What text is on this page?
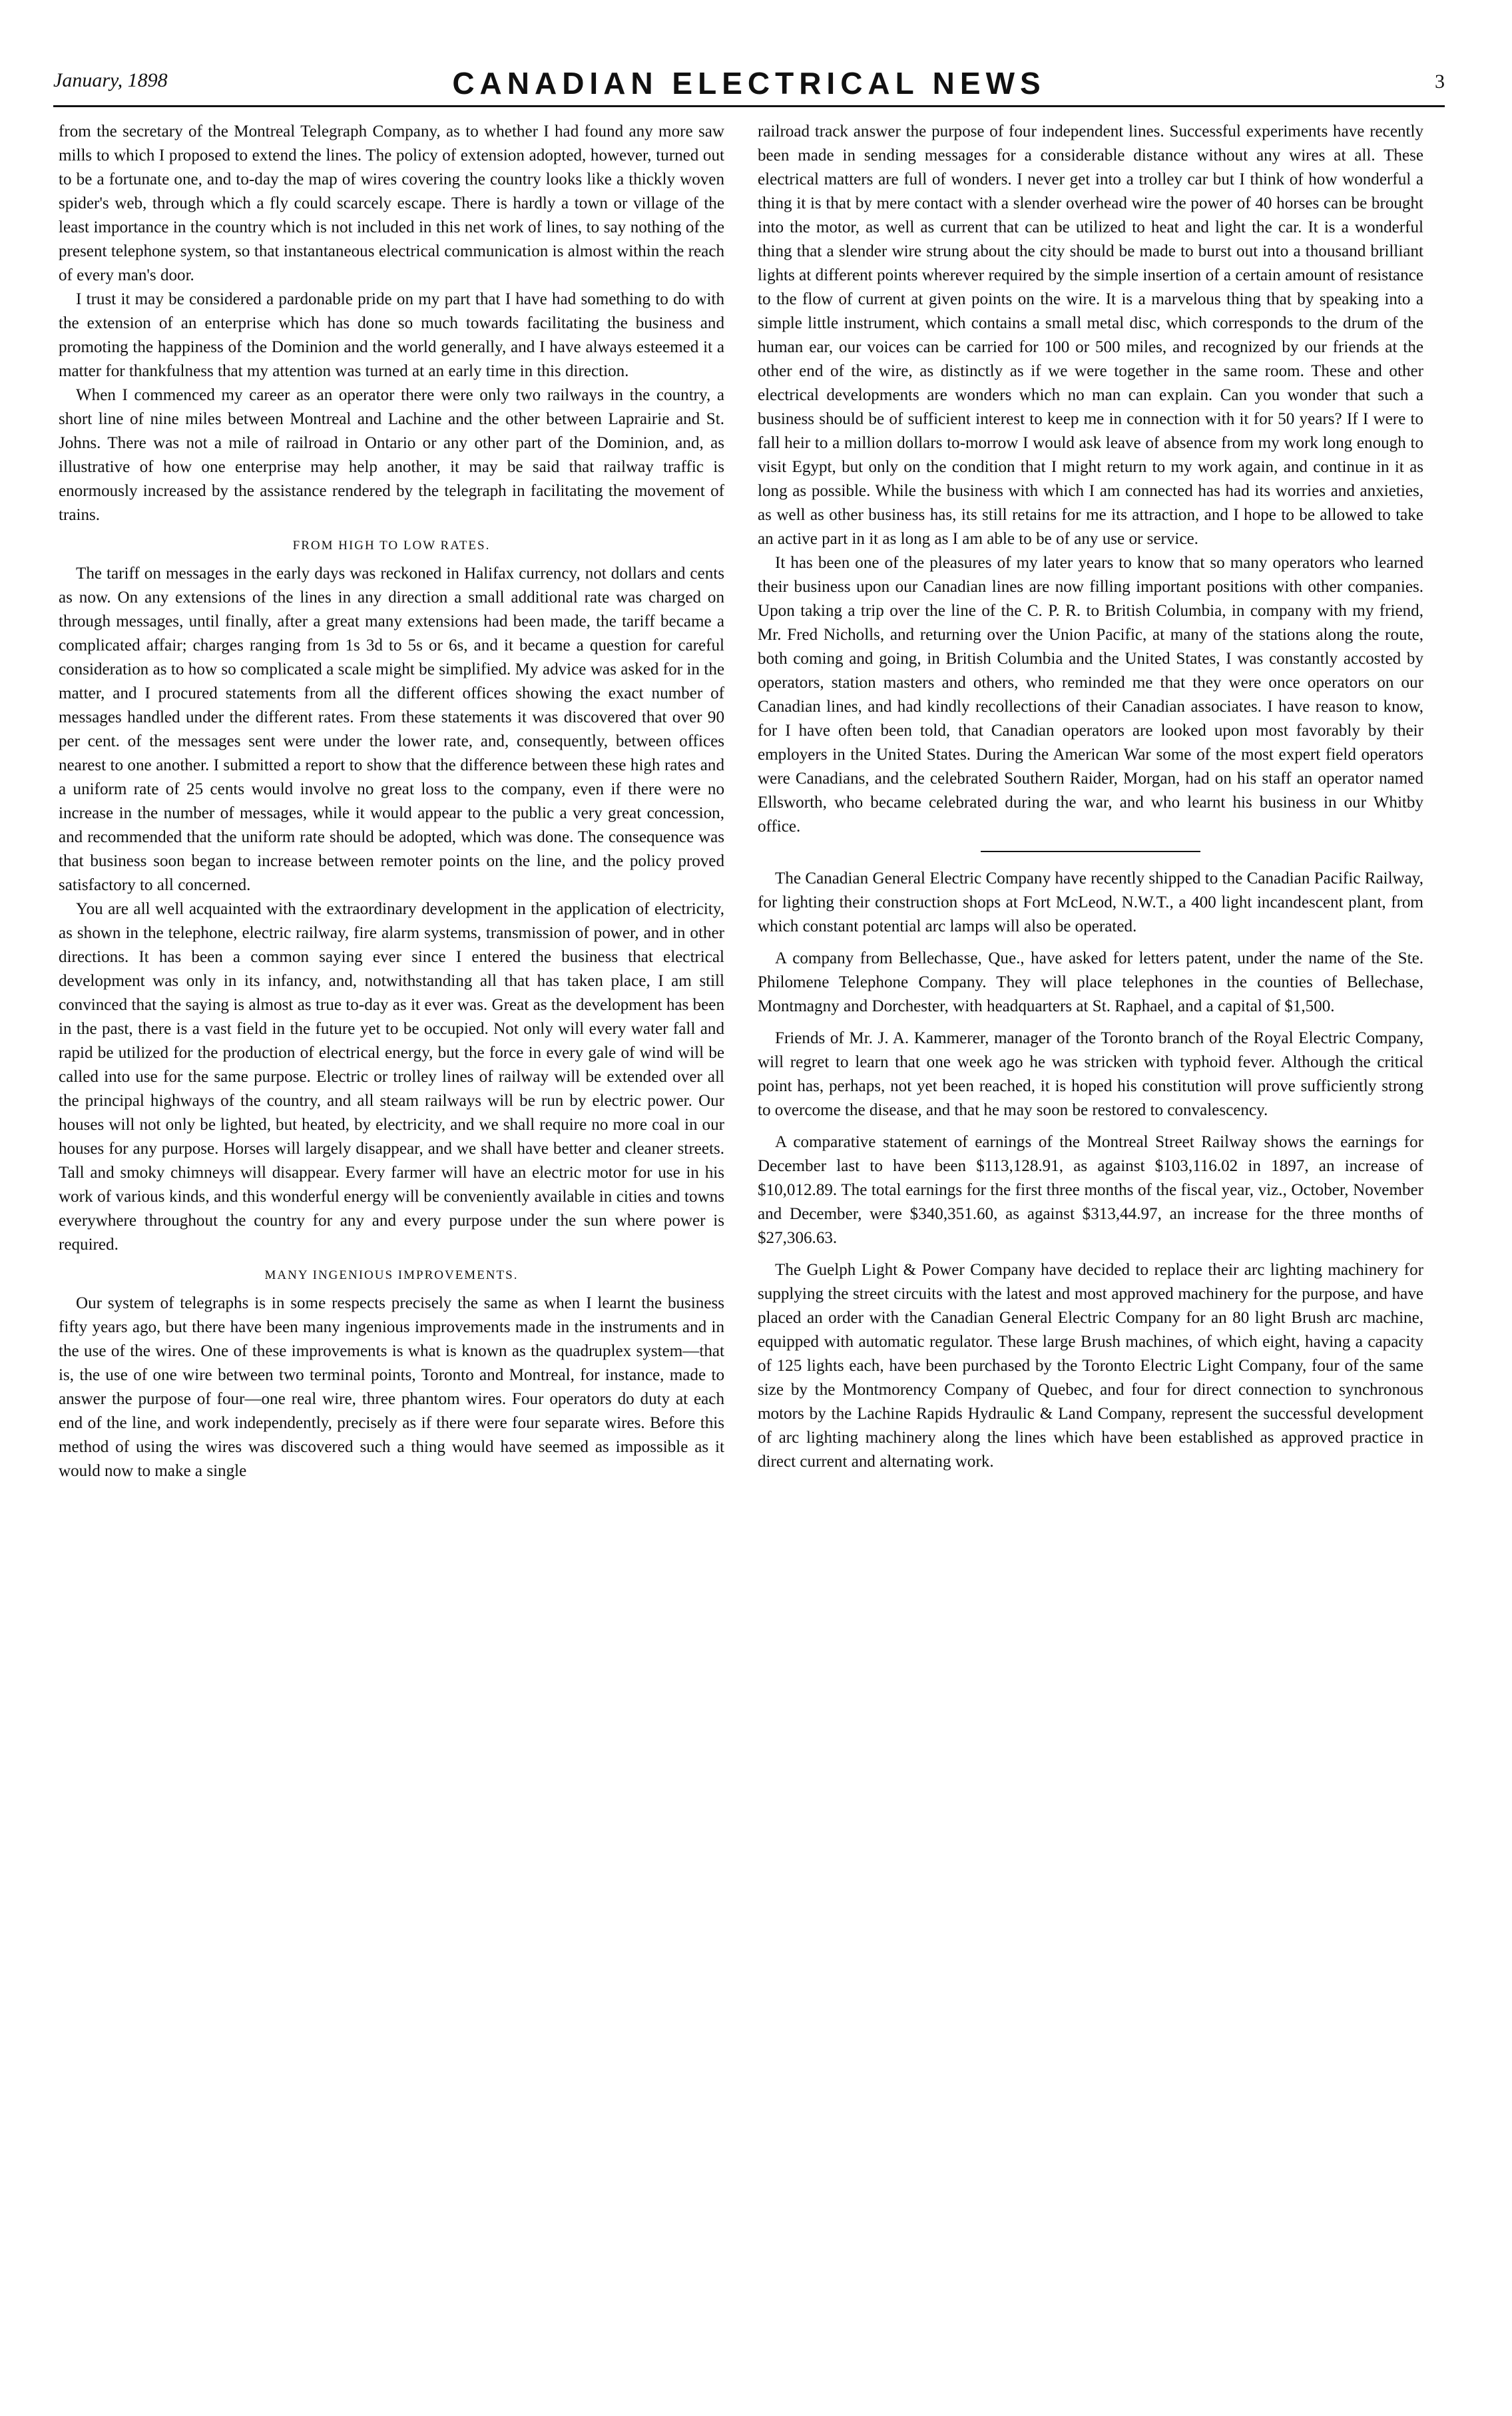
January, 1898	CANADIAN ELECTRICAL NEWS	3

from the secretary of the Montreal Telegraph Company, as to whether I had found any more saw mills to which I proposed to extend the lines. The policy of extension adopted, however, turned out to be a fortunate one, and to-day the map of wires covering the country looks like a thickly woven spider's web, through which a fly could scarcely escape. There is hardly a town or village of the least importance in the country which is not included in this net work of lines, to say nothing of the present telephone system, so that instantaneous electrical communication is almost within the reach of every man's door.

I trust it may be considered a pardonable pride on my part that I have had something to do with the extension of an enterprise which has done so much towards facilitating the business and promoting the happiness of the Dominion and the world generally, and I have always esteemed it a matter for thankfulness that my attention was turned at an early time in this direction.

When I commenced my career as an operator there were only two railways in the country, a short line of nine miles between Montreal and Lachine and the other between Laprairie and St. Johns. There was not a mile of railroad in Ontario or any other part of the Dominion, and, as illustrative of how one enterprise may help another, it may be said that railway traffic is enormously increased by the assistance rendered by the telegraph in facilitating the movement of trains.

FROM HIGH TO LOW RATES.

The tariff on messages in the early days was reckoned in Halifax currency, not dollars and cents as now. On any extensions of the lines in any direction a small additional rate was charged on through messages, until finally, after a great many extensions had been made, the tariff became a complicated affair; charges ranging from 1s 3d to 5s or 6s, and it became a question for careful consideration as to how so complicated a scale might be simplified. My advice was asked for in the matter, and I procured statements from all the different offices showing the exact number of messages handled under the different rates. From these statements it was discovered that over 90 per cent. of the messages sent were under the lower rate, and, consequently, between offices nearest to one another. I submitted a report to show that the difference between these high rates and a uniform rate of 25 cents would involve no great loss to the company, even if there were no increase in the number of messages, while it would appear to the public a very great concession, and recommended that the uniform rate should be adopted, which was done. The consequence was that business soon began to increase between remoter points on the line, and the policy proved satisfactory to all concerned.

You are all well acquainted with the extraordinary development in the application of electricity, as shown in the telephone, electric railway, fire alarm systems, transmission of power, and in other directions. It has been a common saying ever since I entered the business that electrical development was only in its infancy, and, notwithstanding all that has taken place, I am still convinced that the saying is almost as true to-day as it ever was. Great as the development has been in the past, there is a vast field in the future yet to be occupied. Not only will every water fall and rapid be utilized for the production of electrical energy, but the force in every gale of wind will be called into use for the same purpose. Electric or trolley lines of railway will be extended over all the principal highways of the country, and all steam railways will be run by electric power. Our houses will not only be lighted, but heated, by electricity, and we shall require no more coal in our houses for any purpose. Horses will largely disappear, and we shall have better and cleaner streets. Tall and smoky chimneys will disappear. Every farmer will have an electric motor for use in his work of various kinds, and this wonderful energy will be conveniently available in cities and towns everywhere throughout the country for any and every purpose under the sun where power is required.

MANY INGENIOUS IMPROVEMENTS.

Our system of telegraphs is in some respects precisely the same as when I learnt the business fifty years ago, but there have been many ingenious improvements made in the instruments and in the use of the wires. One of these improvements is what is known as the quadruplex system—that is, the use of one wire between two terminal points, Toronto and Montreal, for instance, made to answer the purpose of four—one real wire, three phantom wires. Four operators do duty at each end of the line, and work independently, precisely as if there were four separate wires. Before this method of using the wires was discovered such a thing would have seemed as impossible as it would now to make a single

railroad track answer the purpose of four independent lines. Successful experiments have recently been made in sending messages for a considerable distance without any wires at all. These electrical matters are full of wonders. I never get into a trolley car but I think of how wonderful a thing it is that by mere contact with a slender overhead wire the power of 40 horses can be brought into the motor, as well as current that can be utilized to heat and light the car. It is a wonderful thing that a slender wire strung about the city should be made to burst out into a thousand brilliant lights at different points wherever required by the simple insertion of a certain amount of resistance to the flow of current at given points on the wire. It is a marvelous thing that by speaking into a simple little instrument, which contains a small metal disc, which corresponds to the drum of the human ear, our voices can be carried for 100 or 500 miles, and recognized by our friends at the other end of the wire, as distinctly as if we were together in the same room. These and other electrical developments are wonders which no man can explain. Can you wonder that such a business should be of sufficient interest to keep me in connection with it for 50 years? If I were to fall heir to a million dollars to-morrow I would ask leave of absence from my work long enough to visit Egypt, but only on the condition that I might return to my work again, and continue in it as long as possible. While the business with which I am connected has had its worries and anxieties, as well as other business has, its still retains for me its attraction, and I hope to be allowed to take an active part in it as long as I am able to be of any use or service.

It has been one of the pleasures of my later years to know that so many operators who learned their business upon our Canadian lines are now filling important positions with other companies. Upon taking a trip over the line of the C. P. R. to British Columbia, in company with my friend, Mr. Fred Nicholls, and returning over the Union Pacific, at many of the stations along the route, both coming and going, in British Columbia and the United States, I was constantly accosted by operators, station masters and others, who reminded me that they were once operators on our Canadian lines, and had kindly recollections of their Canadian associates. I have reason to know, for I have often been told, that Canadian operators are looked upon most favorably by their employers in the United States. During the American War some of the most expert field operators were Canadians, and the celebrated Southern Raider, Morgan, had on his staff an operator named Ellsworth, who became celebrated during the war, and who learnt his business in our Whitby office.

The Canadian General Electric Company have recently shipped to the Canadian Pacific Railway, for lighting their construction shops at Fort McLeod, N.W.T., a 400 light incandescent plant, from which constant potential arc lamps will also be operated.

A company from Bellechasse, Que., have asked for letters patent, under the name of the Ste. Philomene Telephone Company. They will place telephones in the counties of Bellechase, Montmagny and Dorchester, with headquarters at St. Raphael, and a capital of $1,500.

Friends of Mr. J. A. Kammerer, manager of the Toronto branch of the Royal Electric Company, will regret to learn that one week ago he was stricken with typhoid fever. Although the critical point has, perhaps, not yet been reached, it is hoped his constitution will prove sufficiently strong to overcome the disease, and that he may soon be restored to convalescency.

A comparative statement of earnings of the Montreal Street Railway shows the earnings for December last to have been $113,128.91, as against $103,116.02 in 1897, an increase of $10,012.89. The total earnings for the first three months of the fiscal year, viz., October, November and December, were $340,351.60, as against $313,44.97, an increase for the three months of $27,306.63.

The Guelph Light & Power Company have decided to replace their arc lighting machinery for supplying the street circuits with the latest and most approved machinery for the purpose, and have placed an order with the Canadian General Electric Company for an 80 light Brush arc machine, equipped with automatic regulator. These large Brush machines, of which eight, having a capacity of 125 lights each, have been purchased by the Toronto Electric Light Company, four of the same size by the Montmorency Company of Quebec, and four for direct connection to synchronous motors by the Lachine Rapids Hydraulic & Land Company, represent the successful development of arc lighting machinery along the lines which have been established as approved practice in direct current and alternating work.
